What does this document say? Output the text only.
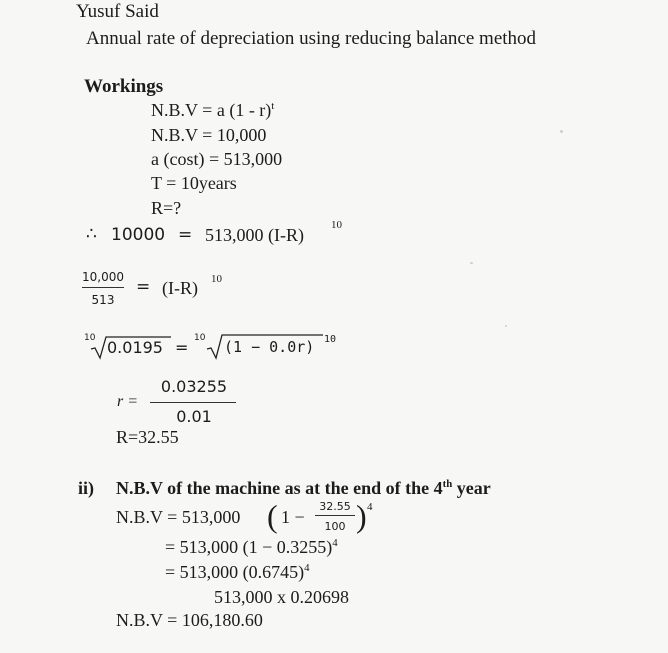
Yusuf Said
Annual rate of depreciation using reducing balance method
Workings
N.B.V = a (1 - r)$^t$
N.B.V = 10,000
a (cost) = 513,000
T = 10years
R=?
∴ 10000 = 513,000 (I-R) 10
10,000
513
= (I-R) 10
10 0.0195 = 10 (1 − 0.0r) 10
r =
0.03255
0.01
R=32.55
ii) N.B.V of the machine as at the end of the 4th year
N.B.V = 513,000 ( 1 −
32.55
100 ) 4
= 513,000 $(1 - 0.3255)^4$
= 513,000 $(0.6745)^4$
513,000 x 0.20698
N.B.V = 106,180.60
